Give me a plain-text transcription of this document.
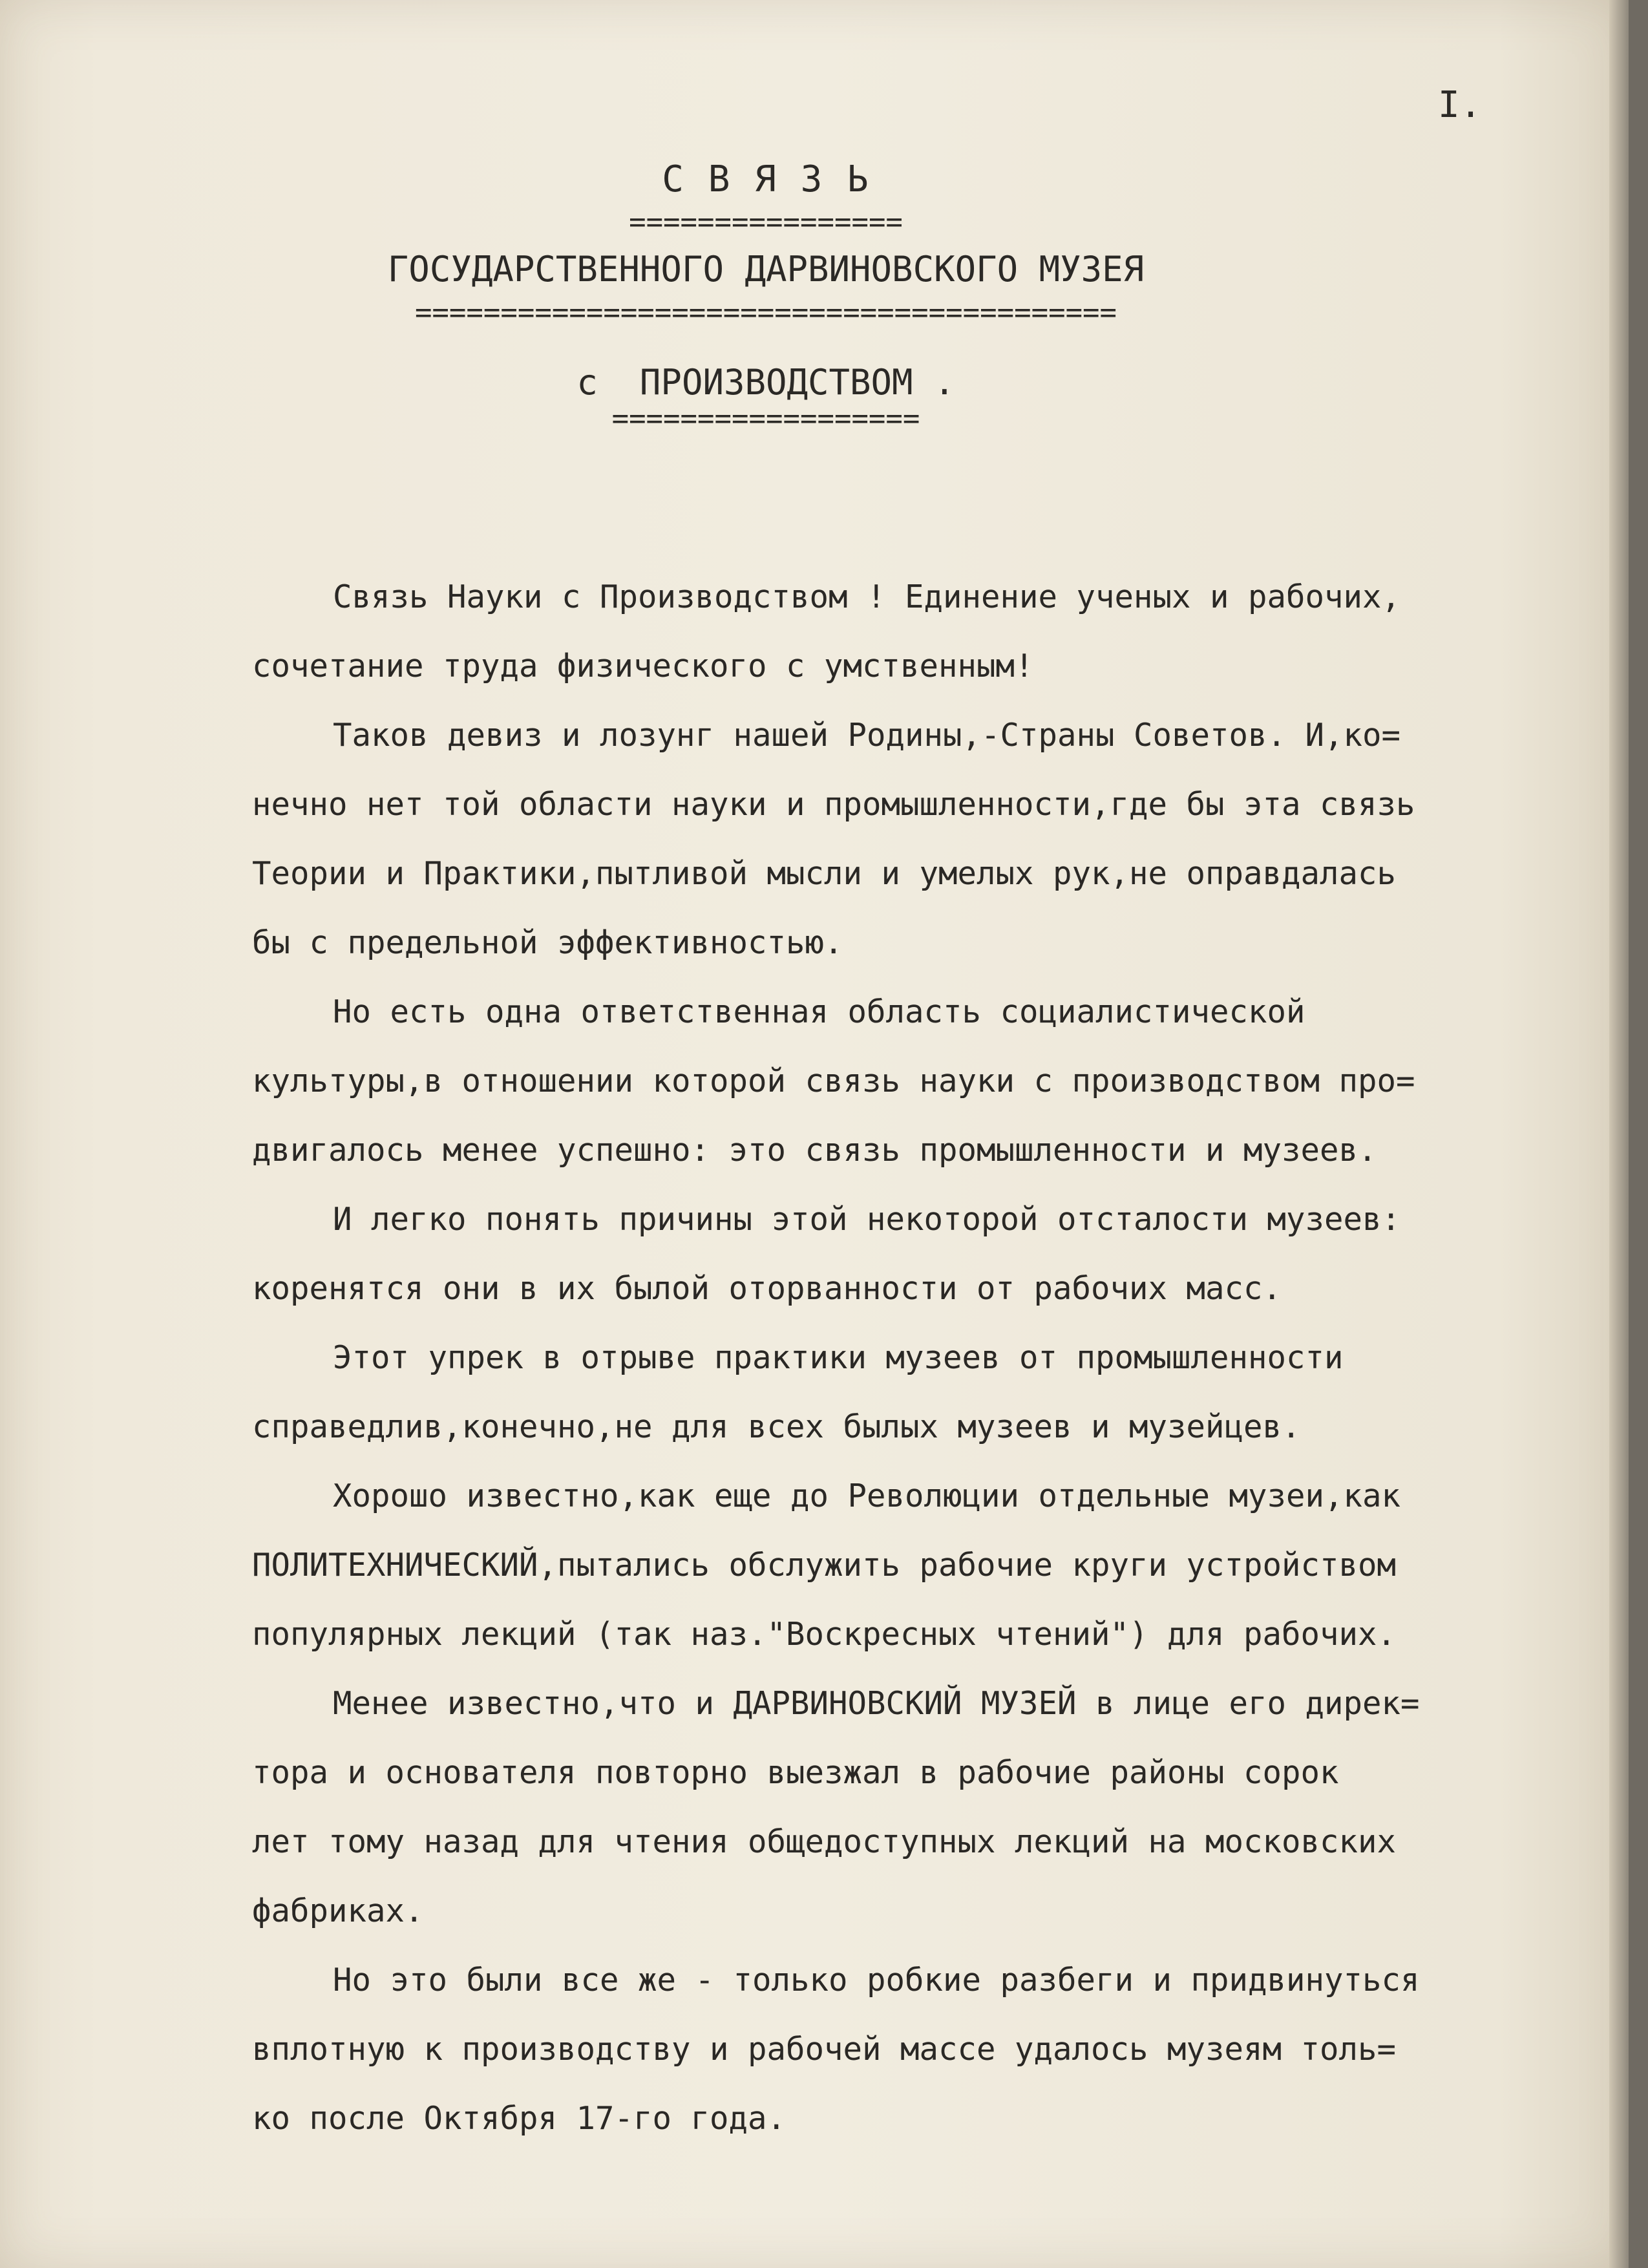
I.

С В Я З Ь

================

ГОСУДАРСТВЕННОГО ДАРВИНОВСКОГО МУЗЕЯ

=========================================

с  ПРОИЗВОДСТВОМ .

==================

Связь Науки с Производством ! Единение ученых и рабочих,
сочетание труда физического с умственным!
Таков девиз и лозунг нашей Родины,-Страны Советов. И,ко=
нечно нет той области науки и промышленности,где бы эта связь
Теории и Практики,пытливой мысли и умелых рук,не оправдалась
бы с предельной эффективностью.
Но есть одна ответственная область социалистической
культуры,в отношении которой связь науки с производством про=
двигалось менее успешно: это связь промышленности и музеев.
И легко понять причины этой некоторой отсталости музеев:
коренятся они в их былой оторванности от рабочих масс.
Этот упрек в отрыве практики музеев от промышленности
справедлив,конечно,не для всех былых музеев и музейцев.
Хорошо известно,как еще до Революции отдельные музеи,как
ПОЛИТЕХНИЧЕСКИЙ,пытались обслужить рабочие круги устройством
популярных лекций (так наз."Воскресных чтений") для рабочих.
Менее известно,что и ДАРВИНОВСКИЙ МУЗЕЙ в лице его дирек=
тора и основателя повторно выезжал в рабочие районы сорок
лет тому назад для чтения общедоступных лекций на московских
фабриках.
Но это были все же - только робкие разбеги и придвинуться
вплотную к производству и рабочей массе удалось музеям толь=
ко после Октября 17-го года.
